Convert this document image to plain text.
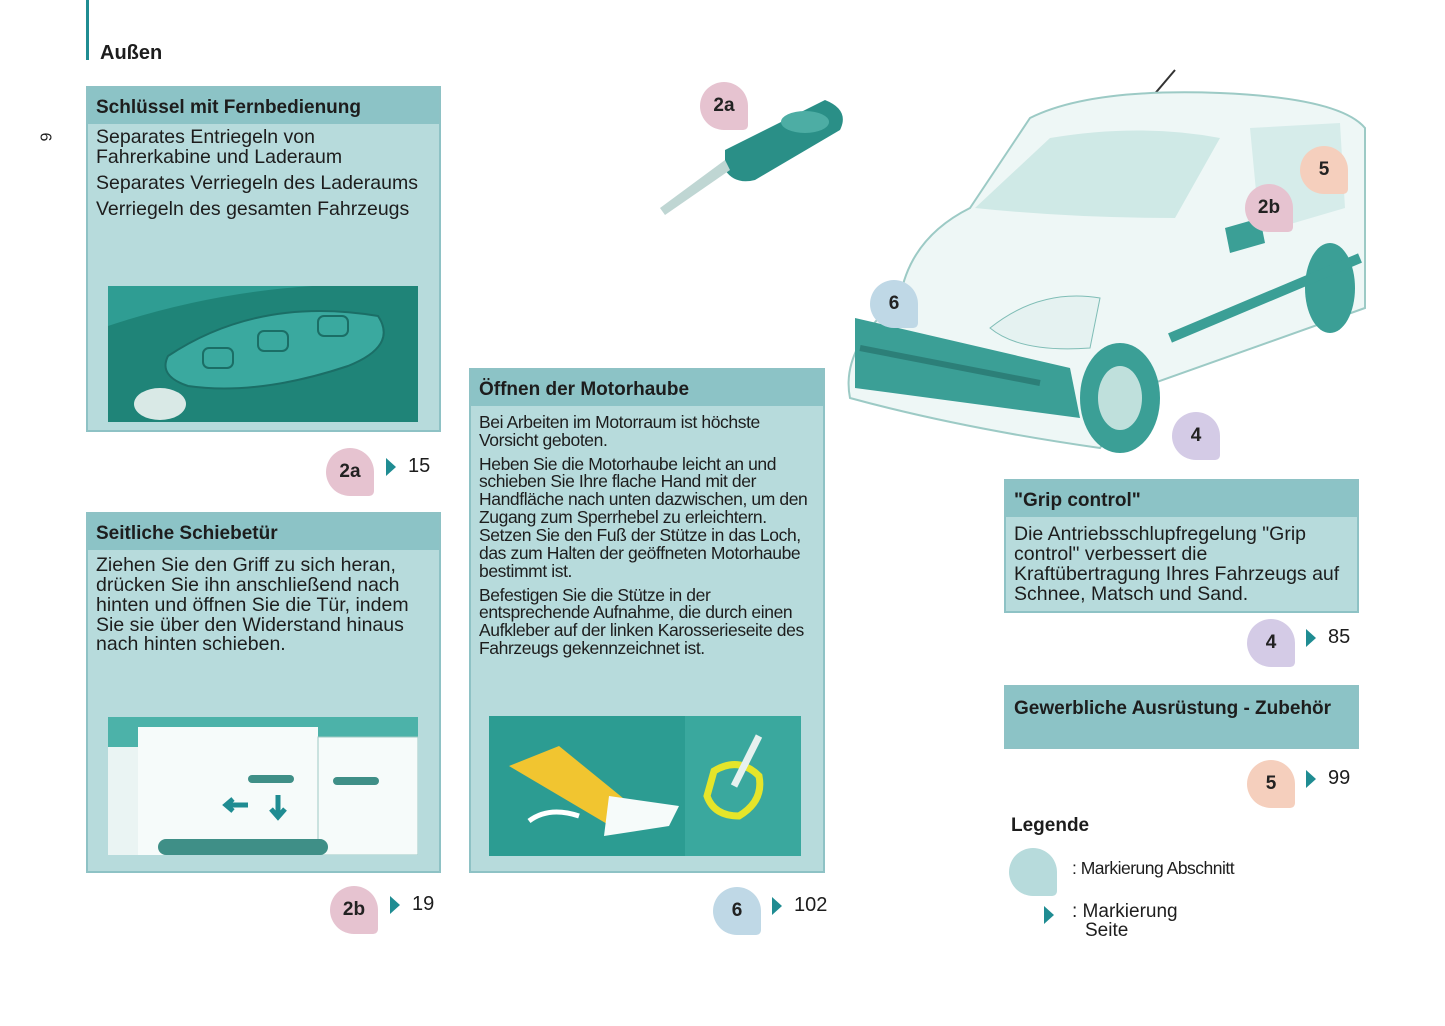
Außen
6
Schlüssel mit Fernbedienung

Separates Entriegeln von Fahrerkabine und Laderaum

Separates Verriegeln des Laderaums

Verriegeln des gesamten Fahrzeugs

2a	15
Seitliche Schiebetür

Ziehen Sie den Griff zu sich heran, drücken Sie ihn anschließend nach hinten und öffnen Sie die Tür, indem Sie sie über den Widerstand hinaus nach hinten schieben.

2b	19
2a
Öffnen der Motorhaube

Bei Arbeiten im Motorraum ist höchste Vorsicht geboten.

Heben Sie die Motorhaube leicht an und schieben Sie Ihre flache Hand mit der Handfläche nach unten dazwischen, um den Zugang zum Sperrhebel zu erleichtern. Setzen Sie den Fuß der Stütze in das Loch, das zum Halten der geöffneten Motorhaube bestimmt ist.

Befestigen Sie die Stütze in der entsprechende Aufnahme, die durch einen Aufkleber auf der linken Karosserieseite des Fahrzeugs gekennzeichnet ist.

6	102
5
2b
6
4
"Grip control"

Die Antriebsschlupfregelung "Grip control" verbessert die Kraftübertragung Ihres Fahrzeugs auf Schnee, Matsch und Sand.

4	85
Gewerbliche Ausrüstung - Zubehör
5	99
Legende
: Markierung Abschnitt
: Markierung
Seite
